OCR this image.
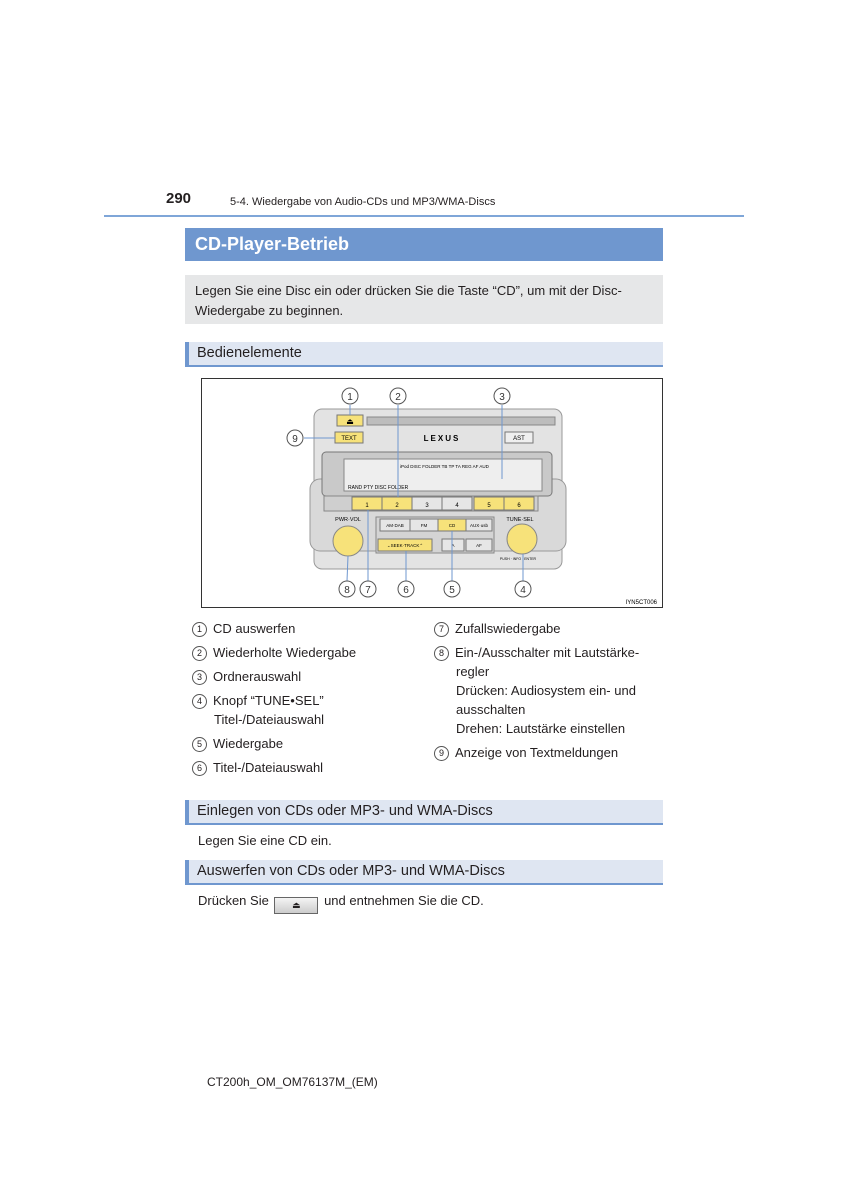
290	5-4. Wiedergabe von Audio-CDs und MP3/WMA-Discs
CD-Player-Betrieb
Legen Sie eine Disc ein oder drücken Sie die Taste “CD”, um mit der Disc-Wiedergabe zu beginnen.
Bedienelemente
⏏
TEXT	LEXUS	AST
iPod DISC FOLDER TB TP TA REG AF AUD
RAND PTY DISC FOLDER
1	2	3	4	5	6
PWR·VOL	TUNE·SEL
PUSH · INFO · ENTER
AM·DAB	FM	CD	AUX·usb
⌄SEEK·TRACK⌃	A	AF
1	2	3
4
5
6
7
8
9
IYN5CT006
1 CD auswerfen
2 Wiederholte Wiedergabe
3 Ordnerauswahl
4 Knopf “TUNE•SEL”
Titel-/Dateiauswahl
5 Wiedergabe
6 Titel-/Dateiauswahl
7 Zufallswiedergabe
8 Ein-/Ausschalter mit Lautstärke-
regler
Drücken: Audiosystem ein- und
ausschalten
Drehen: Lautstärke einstellen
9 Anzeige von Textmeldungen
Einlegen von CDs oder MP3- und WMA-Discs
Legen Sie eine CD ein.
Auswerfen von CDs oder MP3- und WMA-Discs
Drücken Sie	⏏ und entnehmen Sie die CD.
CT200h_OM_OM76137M_(EM)
